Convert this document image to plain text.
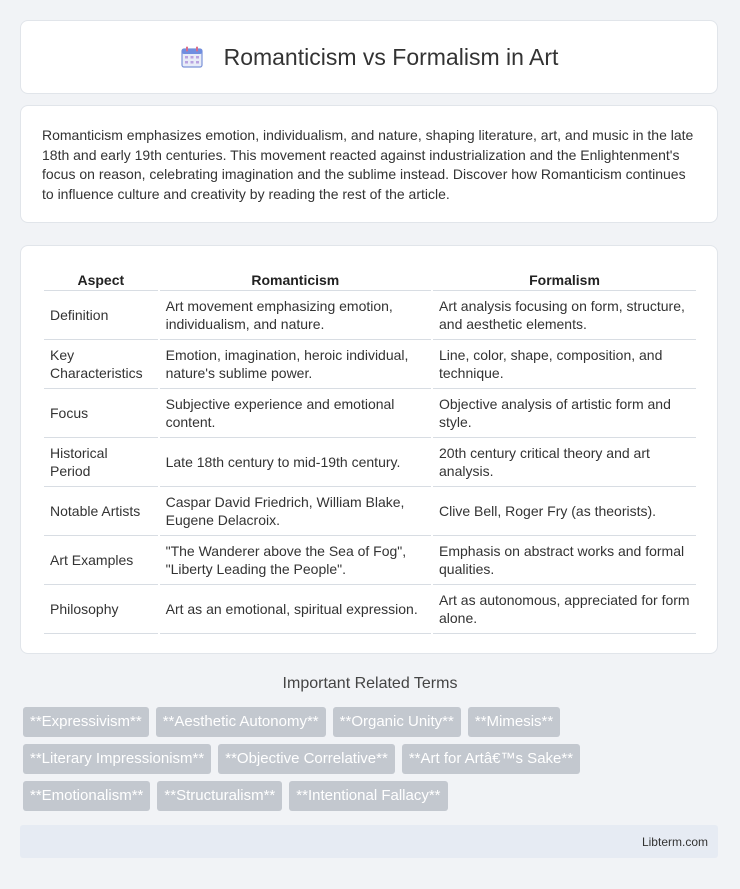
Romanticism vs Formalism in Art

Romanticism emphasizes emotion, individualism, and nature, shaping literature, art, and music in the late 18th and early 19th centuries. This movement reacted against industrialization and the Enlightenment's focus on reason, celebrating imagination and the sublime instead. Discover how Romanticism continues to influence culture and creativity by reading the rest of the article.

Aspect	Romanticism	Formalism
Definition	Art movement emphasizing emotion, individualism, and nature.	Art analysis focusing on form, structure, and aesthetic elements.
Key Characteristics	Emotion, imagination, heroic individual, nature's sublime power.	Line, color, shape, composition, and technique.
Focus	Subjective experience and emotional content.	Objective analysis of artistic form and style.
Historical Period	Late 18th century to mid-19th century.	20th century critical theory and art analysis.
Notable Artists	Caspar David Friedrich, William Blake, Eugene Delacroix.	Clive Bell, Roger Fry (as theorists).
Art Examples	"The Wanderer above the Sea of Fog", "Liberty Leading the People".	Emphasis on abstract works and formal qualities.
Philosophy	Art as an emotional, spiritual expression.	Art as autonomous, appreciated for form alone.
Important Related Terms
**Expressivism**	**Aesthetic Autonomy**	**Organic Unity**	**Mimesis**
**Literary Impressionism**	**Objective Correlative**	**Art for Artâ€™s Sake**
**Emotionalism**	**Structuralism**	**Intentional Fallacy**
Libterm.com
